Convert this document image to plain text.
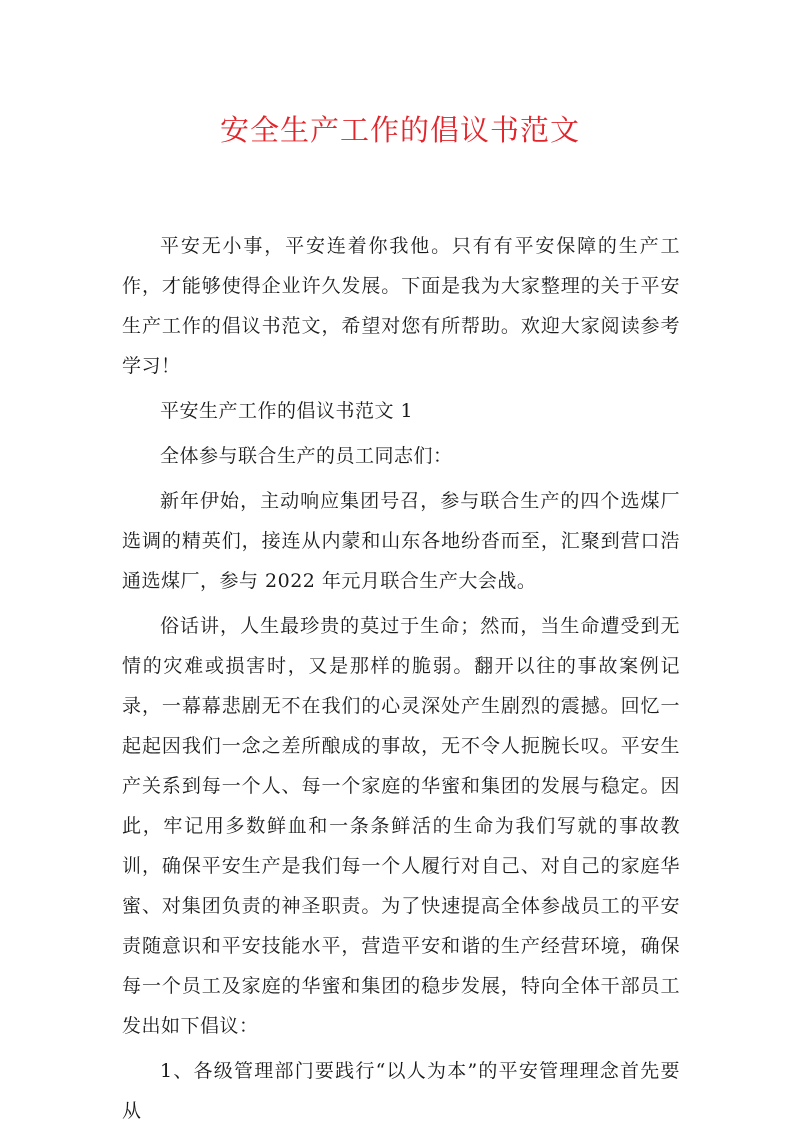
安全生产工作的倡议书范文

平安无小事，平安连着你我他。只有有平安保障的生产工作，才能够使得企业许久发展。下面是我为大家整理的关于平安生产工作的倡议书范文，希望对您有所帮助。欢迎大家阅读参考学习！

平安生产工作的倡议书范文 1

全体参与联合生产的员工同志们：

新年伊始，主动响应集团号召，参与联合生产的四个选煤厂选调的精英们，接连从内蒙和山东各地纷沓而至，汇聚到营口浩通选煤厂，参与 2022 年元月联合生产大会战。

俗话讲，人生最珍贵的莫过于生命；然而，当生命遭受到无情的灾难或损害时，又是那样的脆弱。翻开以往的事故案例记录，一幕幕悲剧无不在我们的心灵深处产生剧烈的震撼。回忆一起起因我们一念之差所酿成的事故，无不令人扼腕长叹。平安生产关系到每一个人、每一个家庭的华蜜和集团的发展与稳定。因此，牢记用多数鲜血和一条条鲜活的生命为我们写就的事故教训，确保平安生产是我们每一个人履行对自己、对自己的家庭华蜜、对集团负责的神圣职责。为了快速提高全体参战员工的平安责随意识和平安技能水平，营造平安和谐的生产经营环境，确保每一个员工及家庭的华蜜和集团的稳步发展，特向全体干部员工发出如下倡议：

1、各级管理部门要践行“以人为本”的平安管理理念首先要从
